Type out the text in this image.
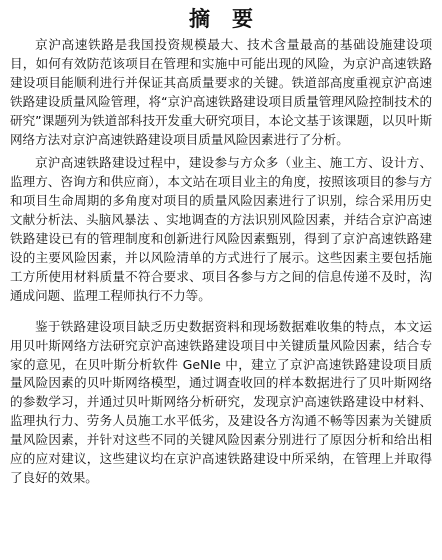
摘要

京沪高速铁路是我国投资规模最大、技术含量最高的基础设施建设项目，如何有效防范该项目在管理和实施中可能出现的风险，为京沪高速铁路建设项目能顺利进行并保证其高质量要求的关键。铁道部高度重视京沪高速铁路建设质量风险管理，将“京沪高速铁路建设项目质量管理风险控制技术的研究”课题列为铁道部科技开发重大研究项目，本论文基于该课题，以贝叶斯网络方法对京沪高速铁路建设项目质量风险因素进行了分析。

京沪高速铁路建设过程中，建设参与方众多（业主、施工方、设计方、监理方、咨询方和供应商），本文站在项目业主的角度，按照该项目的参与方和项目生命周期的多角度对项目的质量风险因素进行了识别，综合采用历史文献分析法、头脑风暴法 、实地调查的方法识别风险因素，并结合京沪高速铁路建设已有的管理制度和创新进行风险因素甄别，得到了京沪高速铁路建设的主要风险因素，并以风险清单的方式进行了展示。这些因素主要包括施工方所使用材料质量不符合要求、项目各参与方之间的信息传递不及时，沟通成问题、监理工程师执行不力等。

鉴于铁路建设项目缺乏历史数据资料和现场数据难收集的特点，本文运用贝叶斯网络方法研究京沪高速铁路建设项目中关键质量风险因素，结合专家的意见，在贝叶斯分析软件 GeNIe 中，建立了京沪高速铁路建设项目质量风险因素的贝叶斯网络模型，通过调查收回的样本数据进行了贝叶斯网络的参数学习，并通过贝叶斯网络分析研究，发现京沪高速铁路建设中材料、监理执行力、劳务人员施工水平低劣，及建设各方沟通不畅等因素为关键质量风险因素，并针对这些不同的关键风险因素分别进行了原因分析和给出相应的应对建议，这些建议均在京沪高速铁路建设中所采纳，在管理上并取得了良好的效果。
